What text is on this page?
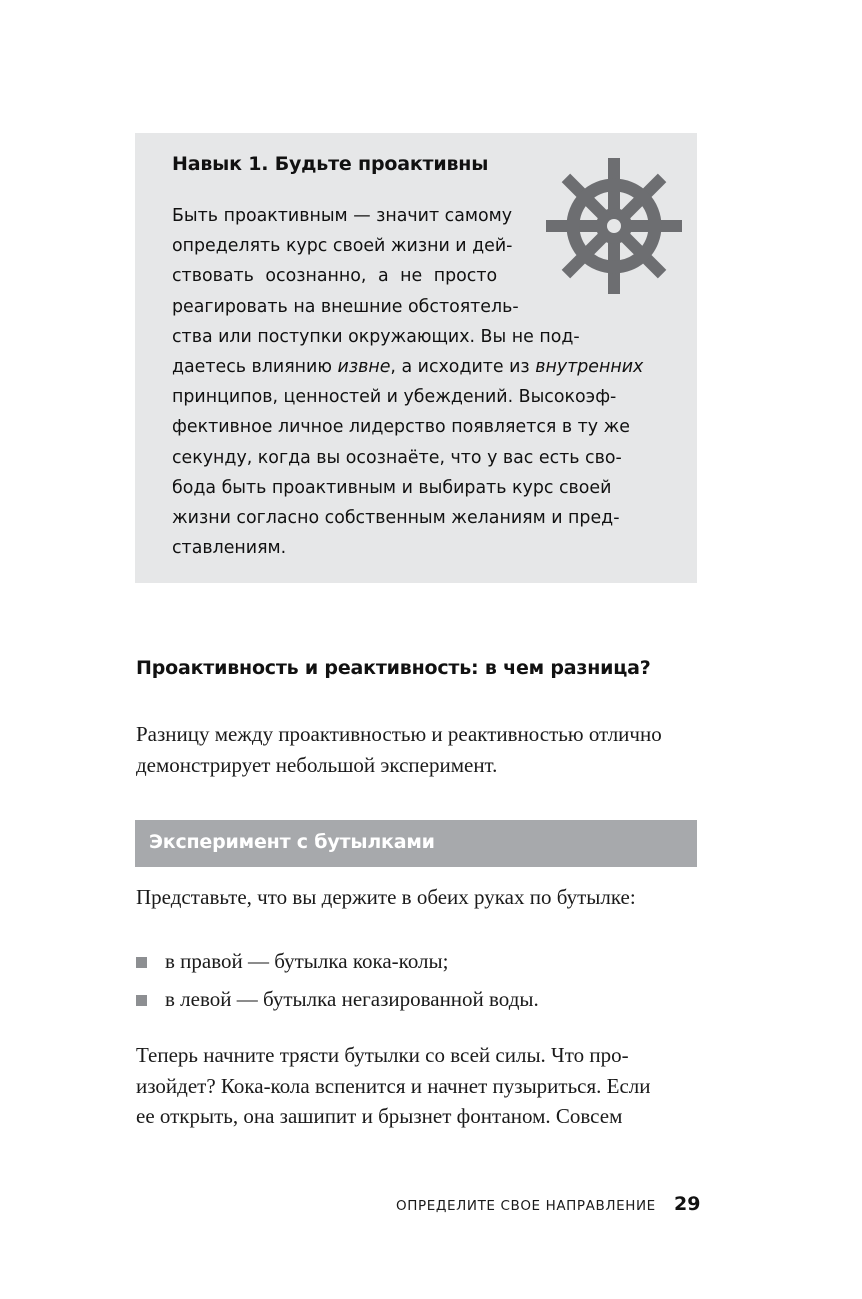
Навык 1. Будьте проактивны
Быть проактивным — значит самому
определять курс своей жизни и дей-
ствовать осознанно, а не просто
реагировать на внешние обстоятель-
ства или поступки окружающих. Вы не под-
даетесь влиянию извне, а исходите из внутренних
принципов, ценностей и убеждений. Высокоэф-
фективное личное лидерство появляется в ту же
секунду, когда вы осознаёте, что у вас есть сво-
бода быть проактивным и выбирать курс своей
жизни согласно собственным желаниям и пред-
ставлениям.
Проактивность и реактивность: в чем разница?
Разницу между проактивностью и реактивностью отлично
демонстрирует небольшой эксперимент.
Эксперимент с бутылками
Представьте, что вы держите в обеих руках по бутылке:
в правой — бутылка кока-колы;
в левой — бутылка негазированной воды.
Теперь начните трясти бутылки со всей силы. Что про-
изойдет? Кока-кола вспенится и начнет пузыриться. Если
ее открыть, она зашипит и брызнет фонтаном. Совсем
ОПРЕДЕЛИТЕ СВОЕ НАПРАВЛЕНИЕ 29
